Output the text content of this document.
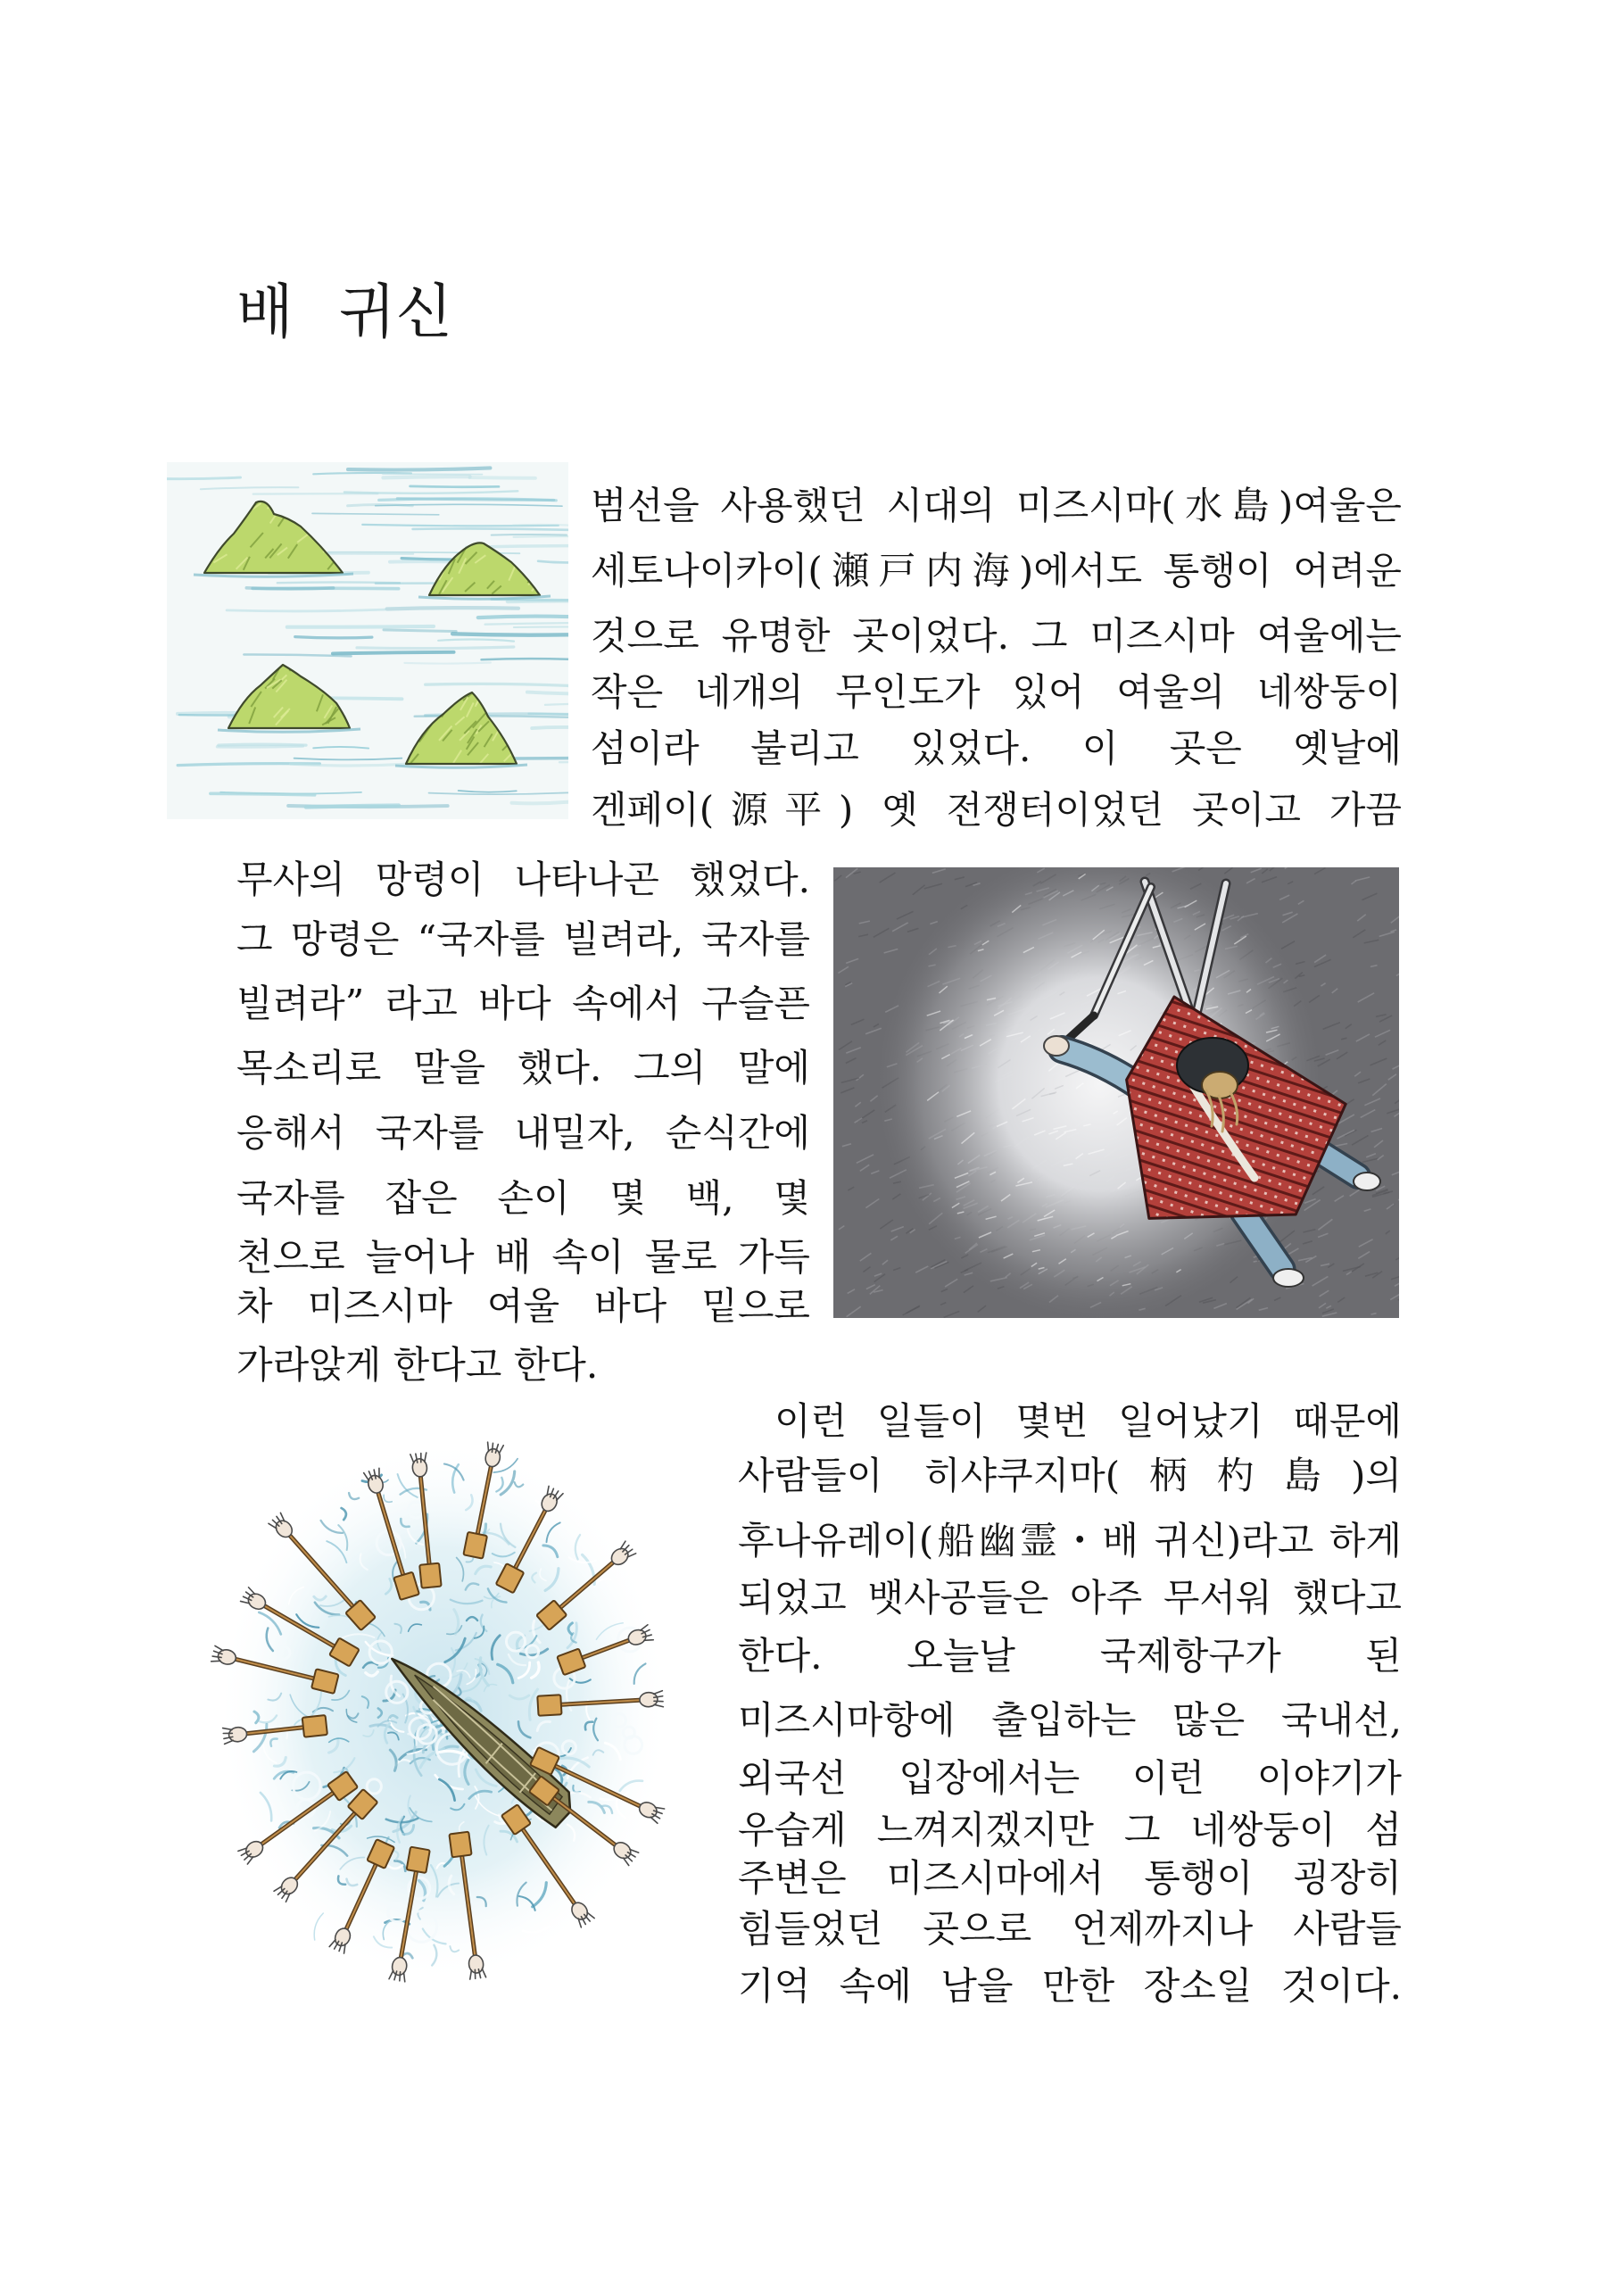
배 귀신
범선을 사용했던 시대의 미즈시마(水島)여울은
세토나이카이(瀬戸内海)에서도 통행이 어려운
것으로 유명한 곳이었다. 그 미즈시마 여울에는
작은 네개의 무인도가 있어 여울의 네쌍둥이
섬이라 불리고 있었다. 이 곳은 옛날에
겐페이(源平) 옛 전쟁터이었던 곳이고 가끔
무사의 망령이 나타나곤 했었다.
그 망령은 “국자를 빌려라, 국자를
빌려라” 라고 바다 속에서 구슬픈
목소리로 말을 했다. 그의 말에
응해서 국자를 내밀자, 순식간에
국자를 잡은 손이 몇 백, 몇
천으로 늘어나 배 속이 물로 가득
차 미즈시마 여울 바다 밑으로
가라앉게 한다고 한다.
이런 일들이 몇번 일어났기 때문에
사람들이 히샤쿠지마(柄杓島)의
후나유레이(船幽霊・배 귀신)라고 하게
되었고 뱃사공들은 아주 무서워 했다고
한다. 오늘날 국제항구가 된
미즈시마항에 출입하는 많은 국내선,
외국선 입장에서는 이런 이야기가
우습게 느껴지겠지만 그 네쌍둥이 섬
주변은 미즈시마에서 통행이 굉장히
힘들었던 곳으로 언제까지나 사람들
기억 속에 남을 만한 장소일 것이다.
